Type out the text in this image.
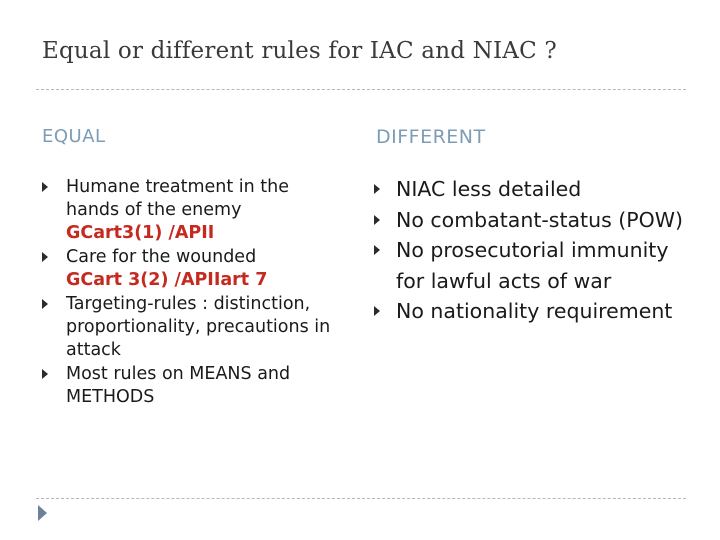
Equal or different rules for IAC and NIAC ?
EQUAL	DIFFERENT
Humane treatment in the hands of the enemy
GCart3(1) /APII
Care for the wounded
GCart 3(2) /APIIart 7
Targeting-rules : distinction, proportionality, precautions in attack
Most rules on MEANS and METHODS
NIAC less detailed
No combatant-status (POW)
No prosecutorial immunity for lawful acts of war
No nationality requirement
